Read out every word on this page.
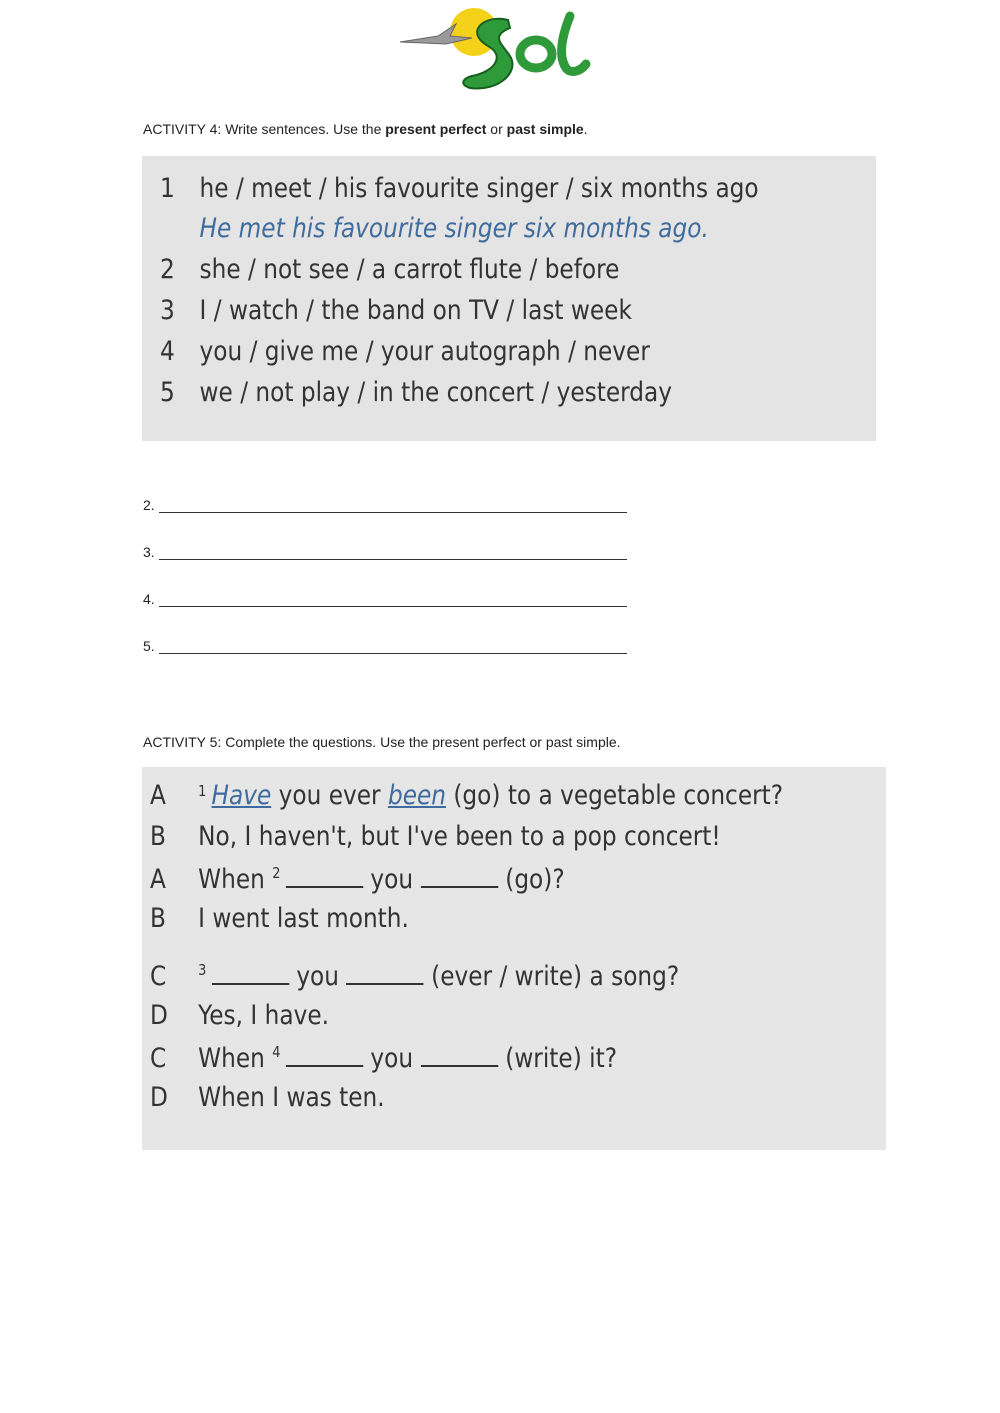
ACTIVITY 4: Write sentences. Use the present perfect or past simple.
1 he / meet / his favourite singer / six months ago
He met his favourite singer six months ago.
2 she / not see / a carrot flute / before
3 I / watch / the band on TV / last week
4 you / give me / your autograph / never
5 we / not play / in the concert / yesterday
2.
3.
4.
5.
ACTIVITY 5: Complete the questions. Use the present perfect or past simple.
A $^1$ Have you ever been (go) to a vegetable concert?
B No, I haven't, but I've been to a pop concert!
A When $^2$	you	(go)?
B I went last month.
C $^3$	you	(ever / write) a song?
D Yes, I have.
C When $^4$	you	(write) it?
D When I was ten.
